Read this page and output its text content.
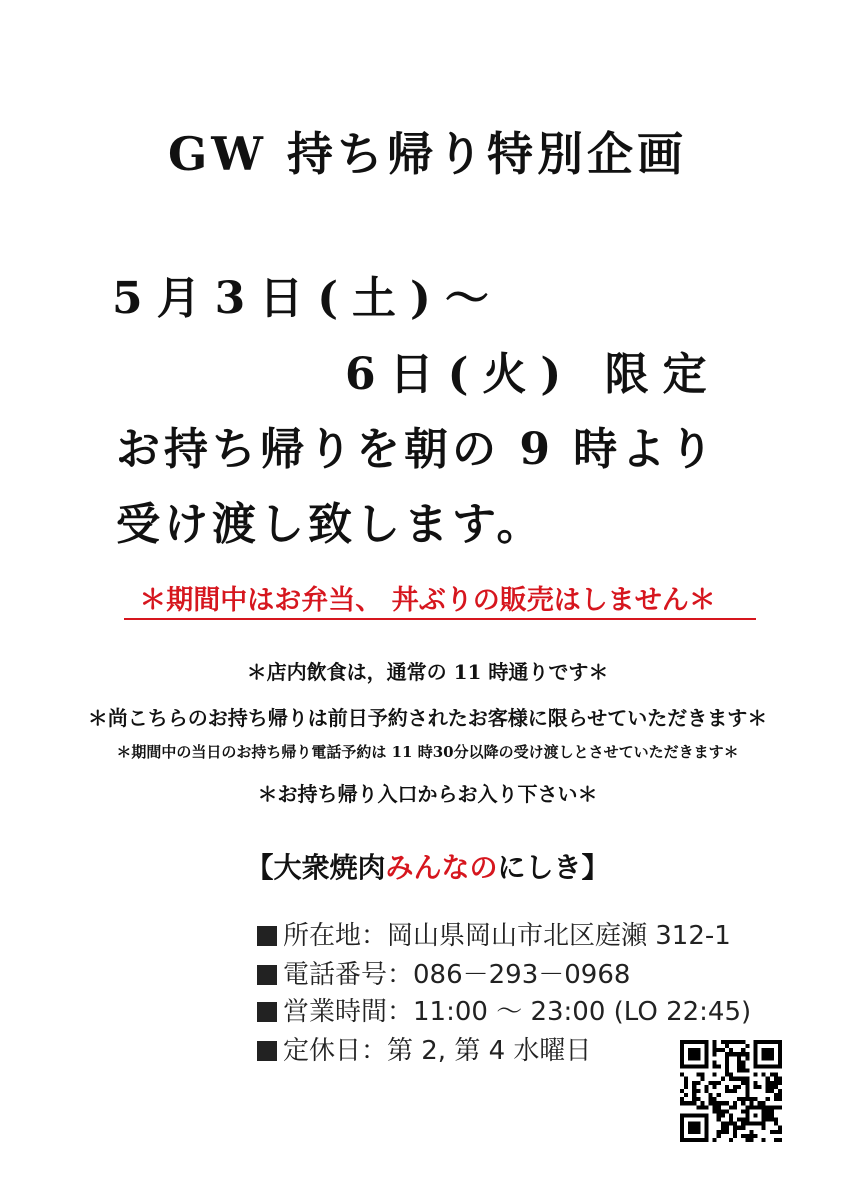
GW 持ち帰り特別企画
5月3日(土)～
6日(火) 限定
お持ち帰りを朝の 9 時より
受け渡し致します。
＊期間中はお弁当、 丼ぶりの販売はしません＊
＊店内飲食は，通常の 11 時通りです＊
＊尚こちらのお持ち帰りは前日予約されたお客様に限らせていただきます＊
＊期間中の当日のお持ち帰り電話予約は 11 時30分以降の受け渡しとさせていただきます＊
＊お持ち帰り入口からお入り下さい＊
【大衆焼肉みんなのにしき】
所在地：岡山県岡山市北区庭瀬 312-1
電話番号：086－293－0968
営業時間：11:00 ～ 23:00 (LO 22:45)
定休日：第 2, 第 4 水曜日
